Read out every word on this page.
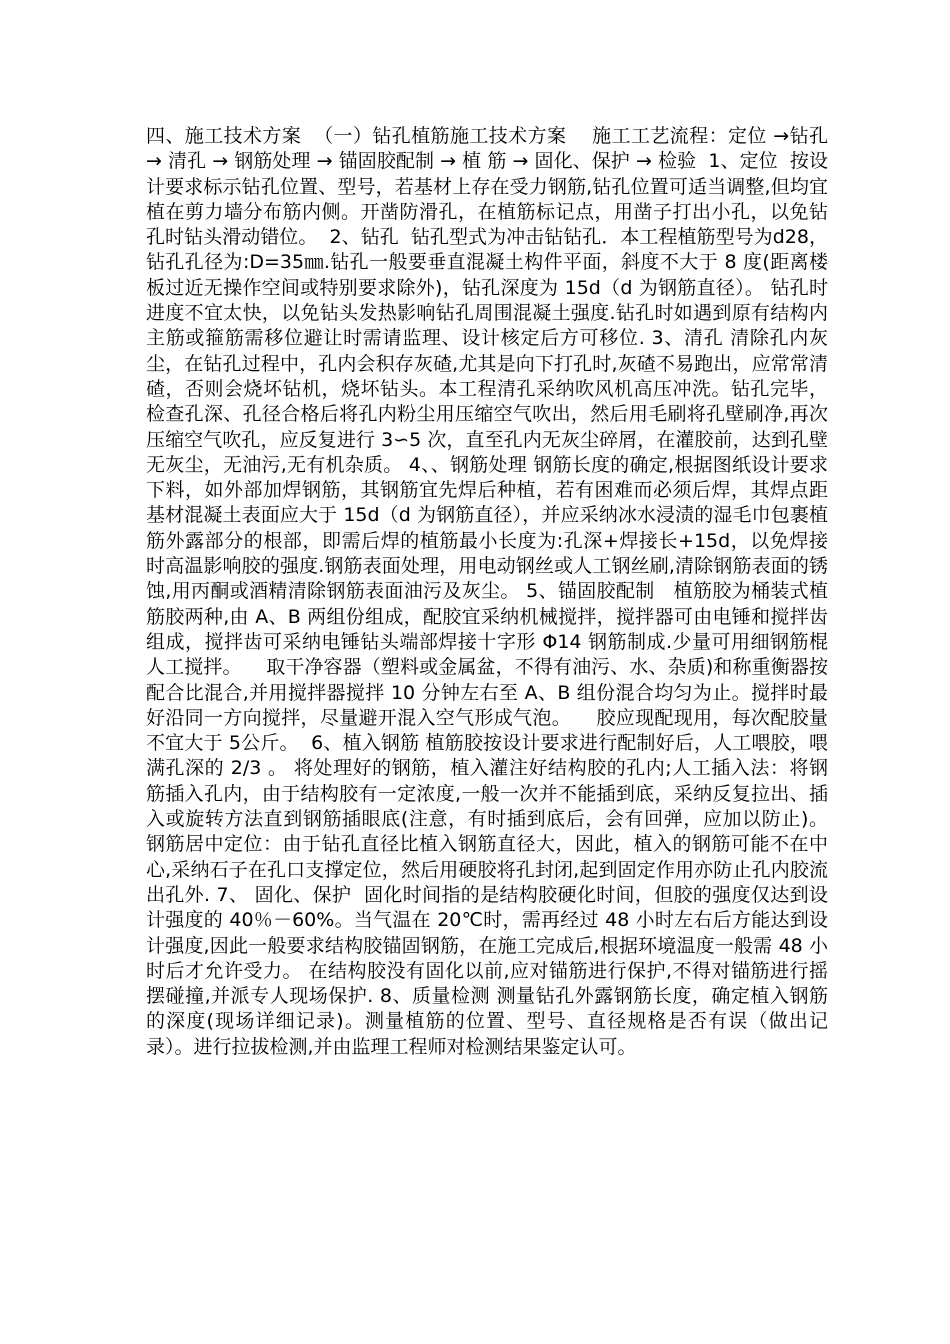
四、施工技术方案  （一）钻孔植筋施工技术方案    施工工艺流程：定位 →钻孔 → 清孔 → 钢筋处理 → 锚固胶配制 → 植 筋 → 固化、保护 → 检验  1、定位  按设计要求标示钻孔位置、型号，若基材上存在受力钢筋,钻孔位置可适当调整,但均宜植在剪力墙分布筋内侧。开凿防滑孔，在植筋标记点，用凿子打出小孔，以免钻孔时钻头滑动错位。  2、钻孔  钻孔型式为冲击钻钻孔．本工程植筋型号为d28，钻孔孔径为:D=35㎜.钻孔一般要垂直混凝土构件平面，斜度不大于 8 度(距离楼板过近无操作空间或特别要求除外)，钻孔深度为 15d（d 为钢筋直径）。 钻孔时进度不宜太快，以免钻头发热影响钻孔周围混凝土强度.钻孔时如遇到原有结构内主筋或箍筋需移位避让时需请监理、设计核定后方可移位. 3、清孔 清除孔内灰尘，在钻孔过程中，孔内会积存灰碴,尤其是向下打孔时,灰碴不易跑出，应常常清碴，否则会烧坏钻机，烧坏钻头。本工程清孔采纳吹风机高压冲洗。钻孔完毕，检查孔深、孔径合格后将孔内粉尘用压缩空气吹出，然后用毛刷将孔壁刷净,再次压缩空气吹孔，应反复进行 3∽5 次，直至孔内无灰尘碎屑，在灌胶前，达到孔壁无灰尘，无油污,无有机杂质。 4、、钢筋处理 钢筋长度的确定,根据图纸设计要求下料，如外部加焊钢筋，其钢筋宜先焊后种植，若有困难而必须后焊，其焊点距基材混凝土表面应大于 15d（d 为钢筋直径），并应采纳冰水浸渍的湿毛巾包裹植筋外露部分的根部，即需后焊的植筋最小长度为:孔深+焊接长+15d，以免焊接时高温影响胶的强度.钢筋表面处理，用电动钢丝或人工钢丝刷,清除钢筋表面的锈蚀,用丙酮或酒精清除钢筋表面油污及灰尘。 5、锚固胶配制   植筋胶为桶装式植筋胶两种,由 A、B 两组份组成，配胶宜采纳机械搅拌，搅拌器可由电锤和搅拌齿组成，搅拌齿可采纳电锤钻头端部焊接十字形 Φ14 钢筋制成.少量可用细钢筋棍人工搅拌。    取干净容器（塑料或金属盆，不得有油污、水、杂质)和称重衡器按配合比混合,并用搅拌器搅拌 10 分钟左右至 A、B 组份混合均匀为止。搅拌时最好沿同一方向搅拌，尽量避开混入空气形成气泡。    胶应现配现用，每次配胶量不宜大于 5公斤。  6、植入钢筋 植筋胶按设计要求进行配制好后，人工喂胶，喂满孔深的 2/3 。 将处理好的钢筋，植入灌注好结构胶的孔内;人工插入法：将钢筋插入孔内，由于结构胶有一定浓度,一般一次并不能插到底，采纳反复拉出、插入或旋转方法直到钢筋插眼底(注意，有时插到底后，会有回弹，应加以防止)。 钢筋居中定位：由于钻孔直径比植入钢筋直径大，因此，植入的钢筋可能不在中心,采纳石子在孔口支撑定位，然后用硬胶将孔封闭,起到固定作用亦防止孔内胶流出孔外. 7、 固化、保护  固化时间指的是结构胶硬化时间，但胶的强度仅达到设计强度的 40％－60%。当气温在 20℃时，需再经过 48 小时左右后方能达到设计强度,因此一般要求结构胶锚固钢筋，在施工完成后,根据环境温度一般需 48 小时后才允许受力。 在结构胶没有固化以前,应对锚筋进行保护,不得对锚筋进行摇摆碰撞,并派专人现场保护. 8、质量检测 测量钻孔外露钢筋长度，确定植入钢筋的深度(现场详细记录)。测量植筋的位置、型号、直径规格是否有误（做出记录）。进行拉拔检测,并由监理工程师对检测结果鉴定认可。
